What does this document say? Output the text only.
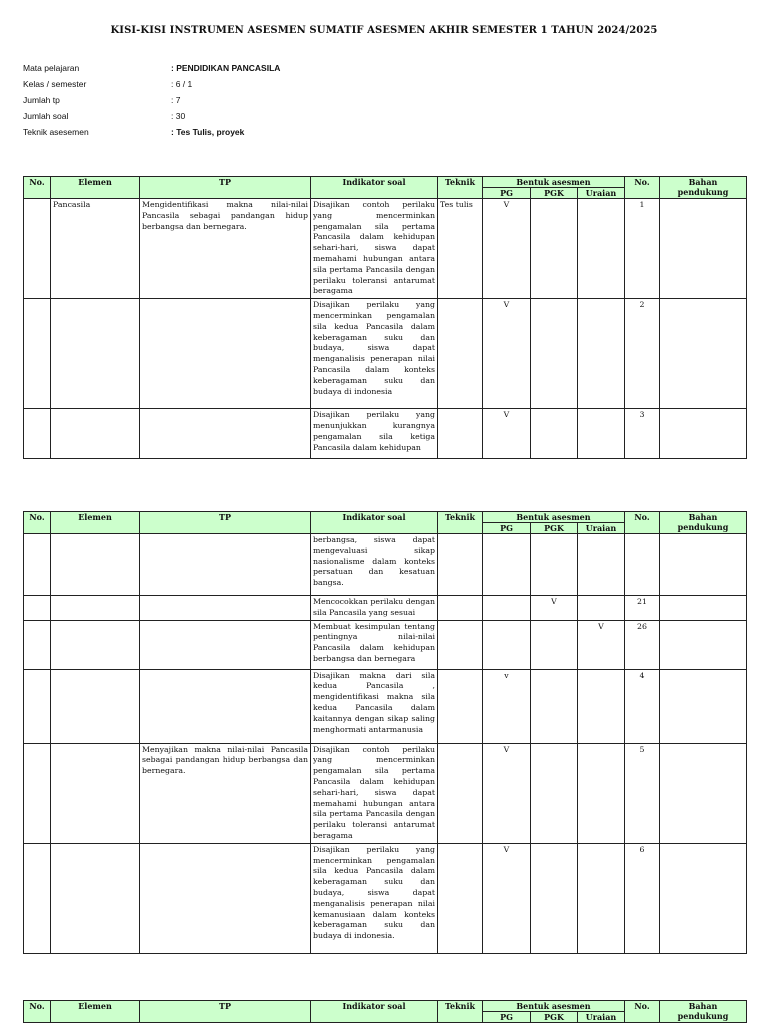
KISI-KISI INSTRUMEN ASESMEN SUMATIF ASESMEN AKHIR SEMESTER 1 TAHUN 2024/2025
Mata pelajaran	: PENDIDIKAN PANCASILA
Kelas / semester	: 6 / 1
Jumlah tp	: 7
Jumlah soal	: 30
Teknik asesemen	: Tes Tulis, proyek
No.	Elemen	TP	Indikator soal	Teknik	Bentuk asesmen			No.	Bahan pendukung
					PG	PGK	Uraian		
	Pancasila	Mengidentifikasi makna nilai-nilai Pancasila sebagai pandangan hidup berbangsa dan bernegara.	Disajikan contoh perilaku yang mencerminkan pengamalan sila pertama Pancasila dalam kehidupan sehari-hari, siswa dapat memahami hubungan antara sila pertama Pancasila dengan perilaku toleransi antarumat beragama	Tes tulis	V			1	
			Disajikan perilaku yang mencerminkan pengamalan sila kedua Pancasila dalam keberagaman suku dan budaya, siswa dapat menganalisis penerapan nilai Pancasila dalam konteks keberagaman suku dan budaya di indonesia		V			2	
			Disajikan perilaku yang menunjukkan kurangnya pengamalan sila ketiga Pancasila dalam kehidupan		V			3	
No.	Elemen	TP	Indikator soal	Teknik	Bentuk asesmen			No.	Bahan pendukung
					PG	PGK	Uraian		
			berbangsa, siswa dapat mengevaluasi sikap nasionalisme dalam konteks persatuan dan kesatuan bangsa.						
			Mencocokkan perilaku dengan sila Pancasila yang sesuai			V		21	
			Membuat kesimpulan tentang pentingnya nilai-nilai Pancasila dalam kehidupan berbangsa dan bernegara				V	26	
			Disajikan makna dari sila kedua Pancasila , mengidentifikasi makna sila kedua Pancasila dalam kaitannya dengan sikap saling menghormati antarmanusia		v			4	
		Menyajikan makna nilai-nilai Pancasila sebagai pandangan hidup berbangsa dan bernegara.	Disajikan contoh perilaku yang mencerminkan pengamalan sila pertama Pancasila dalam kehidupan sehari-hari, siswa dapat memahami hubungan antara sila pertama Pancasila dengan perilaku toleransi antarumat beragama		V			5	
			Disajikan perilaku yang mencerminkan pengamalan sila kedua Pancasila dalam keberagaman suku dan budaya, siswa dapat menganalisis penerapan nilai kemanusiaan dalam konteks keberagaman suku dan budaya di indonesia.		V			6	
No.	Elemen	TP	Indikator soal	Teknik	Bentuk asesmen			No.	Bahan pendukung
					PG	PGK	Uraian		
